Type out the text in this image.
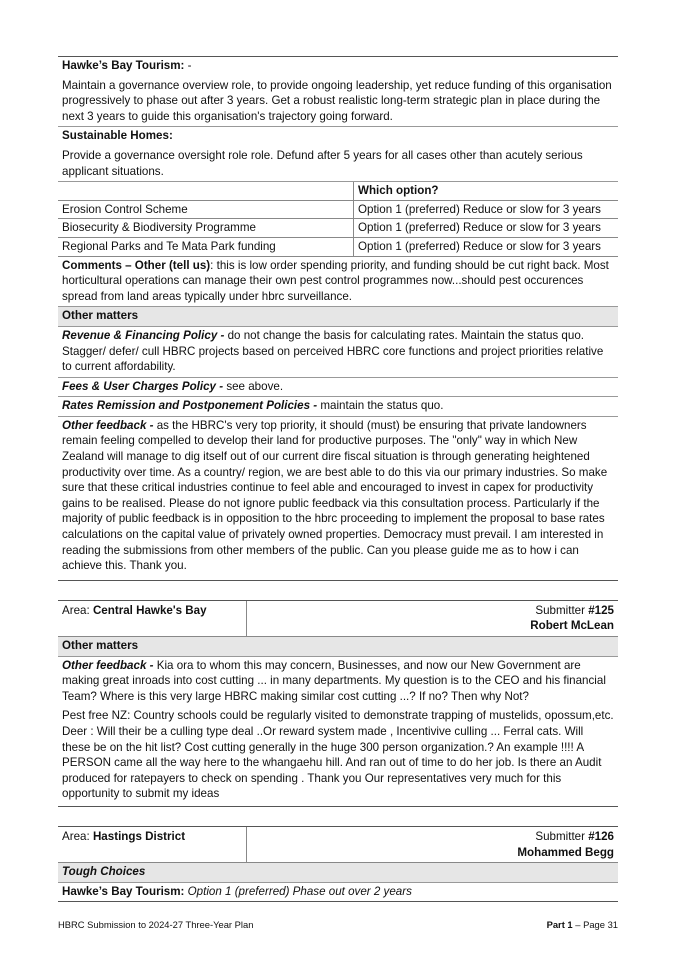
Hawke’s Bay Tourism: -

Maintain a governance overview role, to provide ongoing leadership, yet reduce funding of this organisation progressively to phase out after 3 years. Get a robust realistic long-term strategic plan in place during the next 3 years to guide this organisation's trajectory going forward.

Sustainable Homes:

Provide a governance oversight role role. Defund after 5 years for all cases other than acutely serious applicant situations.

	Which option?
Erosion Control Scheme	Option 1 (preferred) Reduce or slow for 3 years
Biosecurity & Biodiversity Programme	Option 1 (preferred) Reduce or slow for 3 years
Regional Parks and Te Mata Park funding	Option 1 (preferred) Reduce or slow for 3 years

Comments – Other (tell us): this is low order spending priority, and funding should be cut right back. Most horticultural operations can manage their own pest control programmes now...should pest occurences spread from land areas typically under hbrc surveillance.

Other matters

Revenue & Financing Policy - do not change the basis for calculating rates. Maintain the status quo. Stagger/ defer/ cull HBRC projects based on perceived HBRC core functions and project priorities relative to current affordability.

Fees & User Charges Policy - see above.

Rates Remission and Postponement Policies - maintain the status quo.

Other feedback - as the HBRC's very top priority, it should (must) be ensuring that private landowners remain feeling compelled to develop their land for productive purposes. The "only" way in which New Zealand will manage to dig itself out of our current dire fiscal situation is through generating heightened productivity over time. As a country/ region, we are best able to do this via our primary industries. So make sure that these critical industries continue to feel able and encouraged to invest in capex for productivity gains to be realised. Please do not ignore public feedback via this consultation process. Particularly if the majority of public feedback is in opposition to the hbrc proceeding to implement the proposal to base rates calculations on the capital value of privately owned properties. Democracy must prevail. I am interested in reading the submissions from other members of the public. Can you please guide me as to how i can achieve this. Thank you.

Area: Central Hawke's Bay	Submitter #125
Robert McLean
Other matters

Other feedback - Kia ora to whom this may concern, Businesses, and now our New Government are making great inroads into cost cutting ... in many departments. My question is to the CEO and his financial Team? Where is this very large HBRC making similar cost cutting ...? If no? Then why Not?

Pest free NZ: Country schools could be regularly visited to demonstrate trapping of mustelids, opossum,etc. Deer : Will their be a culling type deal ..Or reward system made , Incentivive culling ... Ferral cats. Will these be on the hit list? Cost cutting generally in the huge 300 person organization.? An example !!!! A PERSON came all the way here to the whangaehu hill. And ran out of time to do her job. Is there an Audit produced for ratepayers to check on spending . Thank you Our representatives very much for this opportunity to submit my ideas

Area: Hastings District	Submitter #126
Mohammed Begg
Tough Choices

Hawke’s Bay Tourism: Option 1 (preferred) Phase out over 2 years

HBRC Submission to 2024-27 Three-Year Plan	Part 1 – Page 31
